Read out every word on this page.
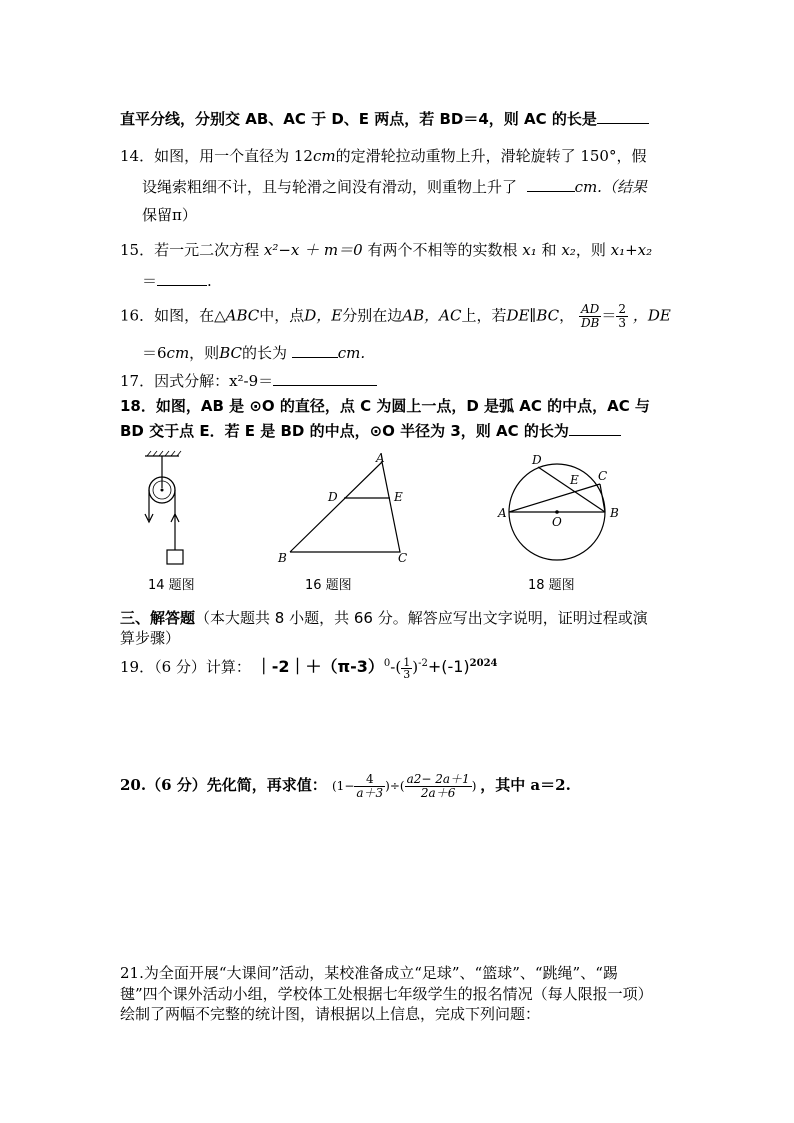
直平分线，分别交 AB、AC 于 D、E 两点，若 BD＝4，则 AC 的长是
14．如图，用一个直径为 12cm的定滑轮拉动重物上升，滑轮旋转了 150°，假
设绳索粗细不计，且与轮滑之间没有滑动，则重物上升了	cm.（结果
保留π）
15．若一元二次方程 x²−x ＋ m＝0 有两个不相等的实数根 x₁ 和 x₂，则 x₁+x₂
＝	.
16．如图，在△ABC中，点D，E分别在边AB，AC上，若DE∥BC， $\frac{AD}{DB} = \frac{2}{3}$ ，DE
＝6cm，则BC的长为	cm.
17．因式分解：x²-9＝
18．如图，AB 是 ⊙O 的直径，点 C 为圆上一点，D 是弧 AC 的中点，AC 与
BD 交于点 E．若 E 是 BD 的中点，⊙O 半径为 3，则 AC 的长为
14 题图
A
D	E
B	C
16 题图
D
E C
A	B
O
18 题图
三、解答题（本大题共 8 小题，共 66 分。解答应写出文字说明，证明过程或演
算步骤）
19．（6 分）计算： $|-2|+(\pi-3)^0-( \frac{1}{3} )^{-2}+(-1)^{2024}$
20.（6 分）先化简，再求值： ($1- \frac{4}{a+3}$ )÷( $\frac{a2- 2a+1}{2a+6}$ ) ，其中 a＝2.
21.为全面开展“大课间”活动，某校准备成立“足球”、“篮球”、“跳绳”、“踢
毽”四个课外活动小组，学校体工处根据七年级学生的报名情况（每人限报一项）
绘制了两幅不完整的统计图，请根据以上信息，完成下列问题：
